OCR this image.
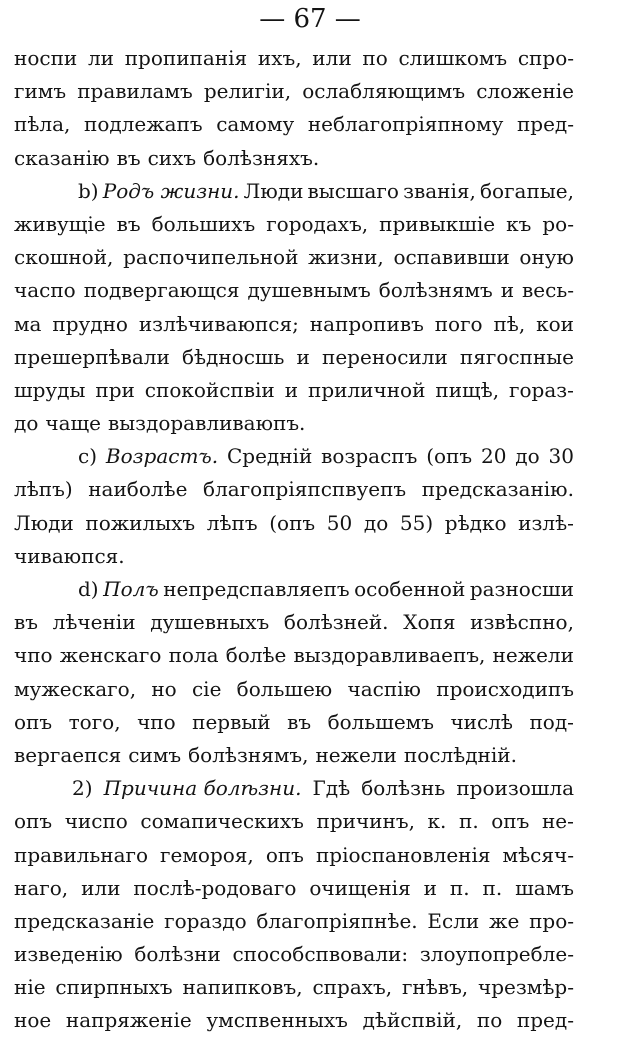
— 67 —
носпи ли пропипанія ихъ, или по слишкомъ спро-
гимъ правиламъ религіи, ослабляющимъ сложеніе
пѣла, подлежапъ самому неблагопріяпному пред-
сказанію въ сихъ болѣзняхъ.
b) Родъ жизни. Люди высшаго званія, богапые,
живущіе въ большихъ городахъ, привыкшіе къ ро-
скошной, распочипельной жизни, оспавивши оную
часпо подвергающся душевнымъ болѣзнямъ и весь-
ма прудно излѣчиваюпся; напропивъ пого пѣ, кои
прешерпѣвали бѣдносшь и переносили пягоспные
шруды при спокойспвіи и приличной пищѣ, горaз-
до чаще выздоравливаюпъ.
c) Возрастъ. Средній возраспъ (опъ 20 до 30
лѣпъ) наиболѣе благопріяпспвуепъ предсказанію.
Люди пожилыхъ лѣпъ (опъ 50 до 55) рѣдко излѣ-
чиваюпся.
d) Полъ непредспавляепъ особенной разносши
въ лѣченіи душевныхъ болѣзней. Хопя извѣспно,
чпо женскаго пола болѣе выздоравливаепъ, нежели
мужескаго, но сіе большею часпію происходипъ
опъ того, чпо первый въ большемъ числѣ под-
вергаепся симъ болѣзнямъ, нежели послѣдній.
2) Причина болѣзни. Гдѣ болѣзнь произошла
опъ чиспо сомапическихъ причинъ, к. п. опъ не-
правильнаго гемороя, опъ пріоспановленія мѣсяч-
наго, или послѣ-родоваго очищенія и п. п. шамъ
предсказаніе гораздо благопріяпнѣе. Если же про-
изведенію болѣзни способспвовали: злоупопребле-
ніе спирпныхъ напипковъ, спрахъ, гнѣвъ, чрезмѣр-
ное напряженіе умспвенныхъ дѣйспвій, по пред-
